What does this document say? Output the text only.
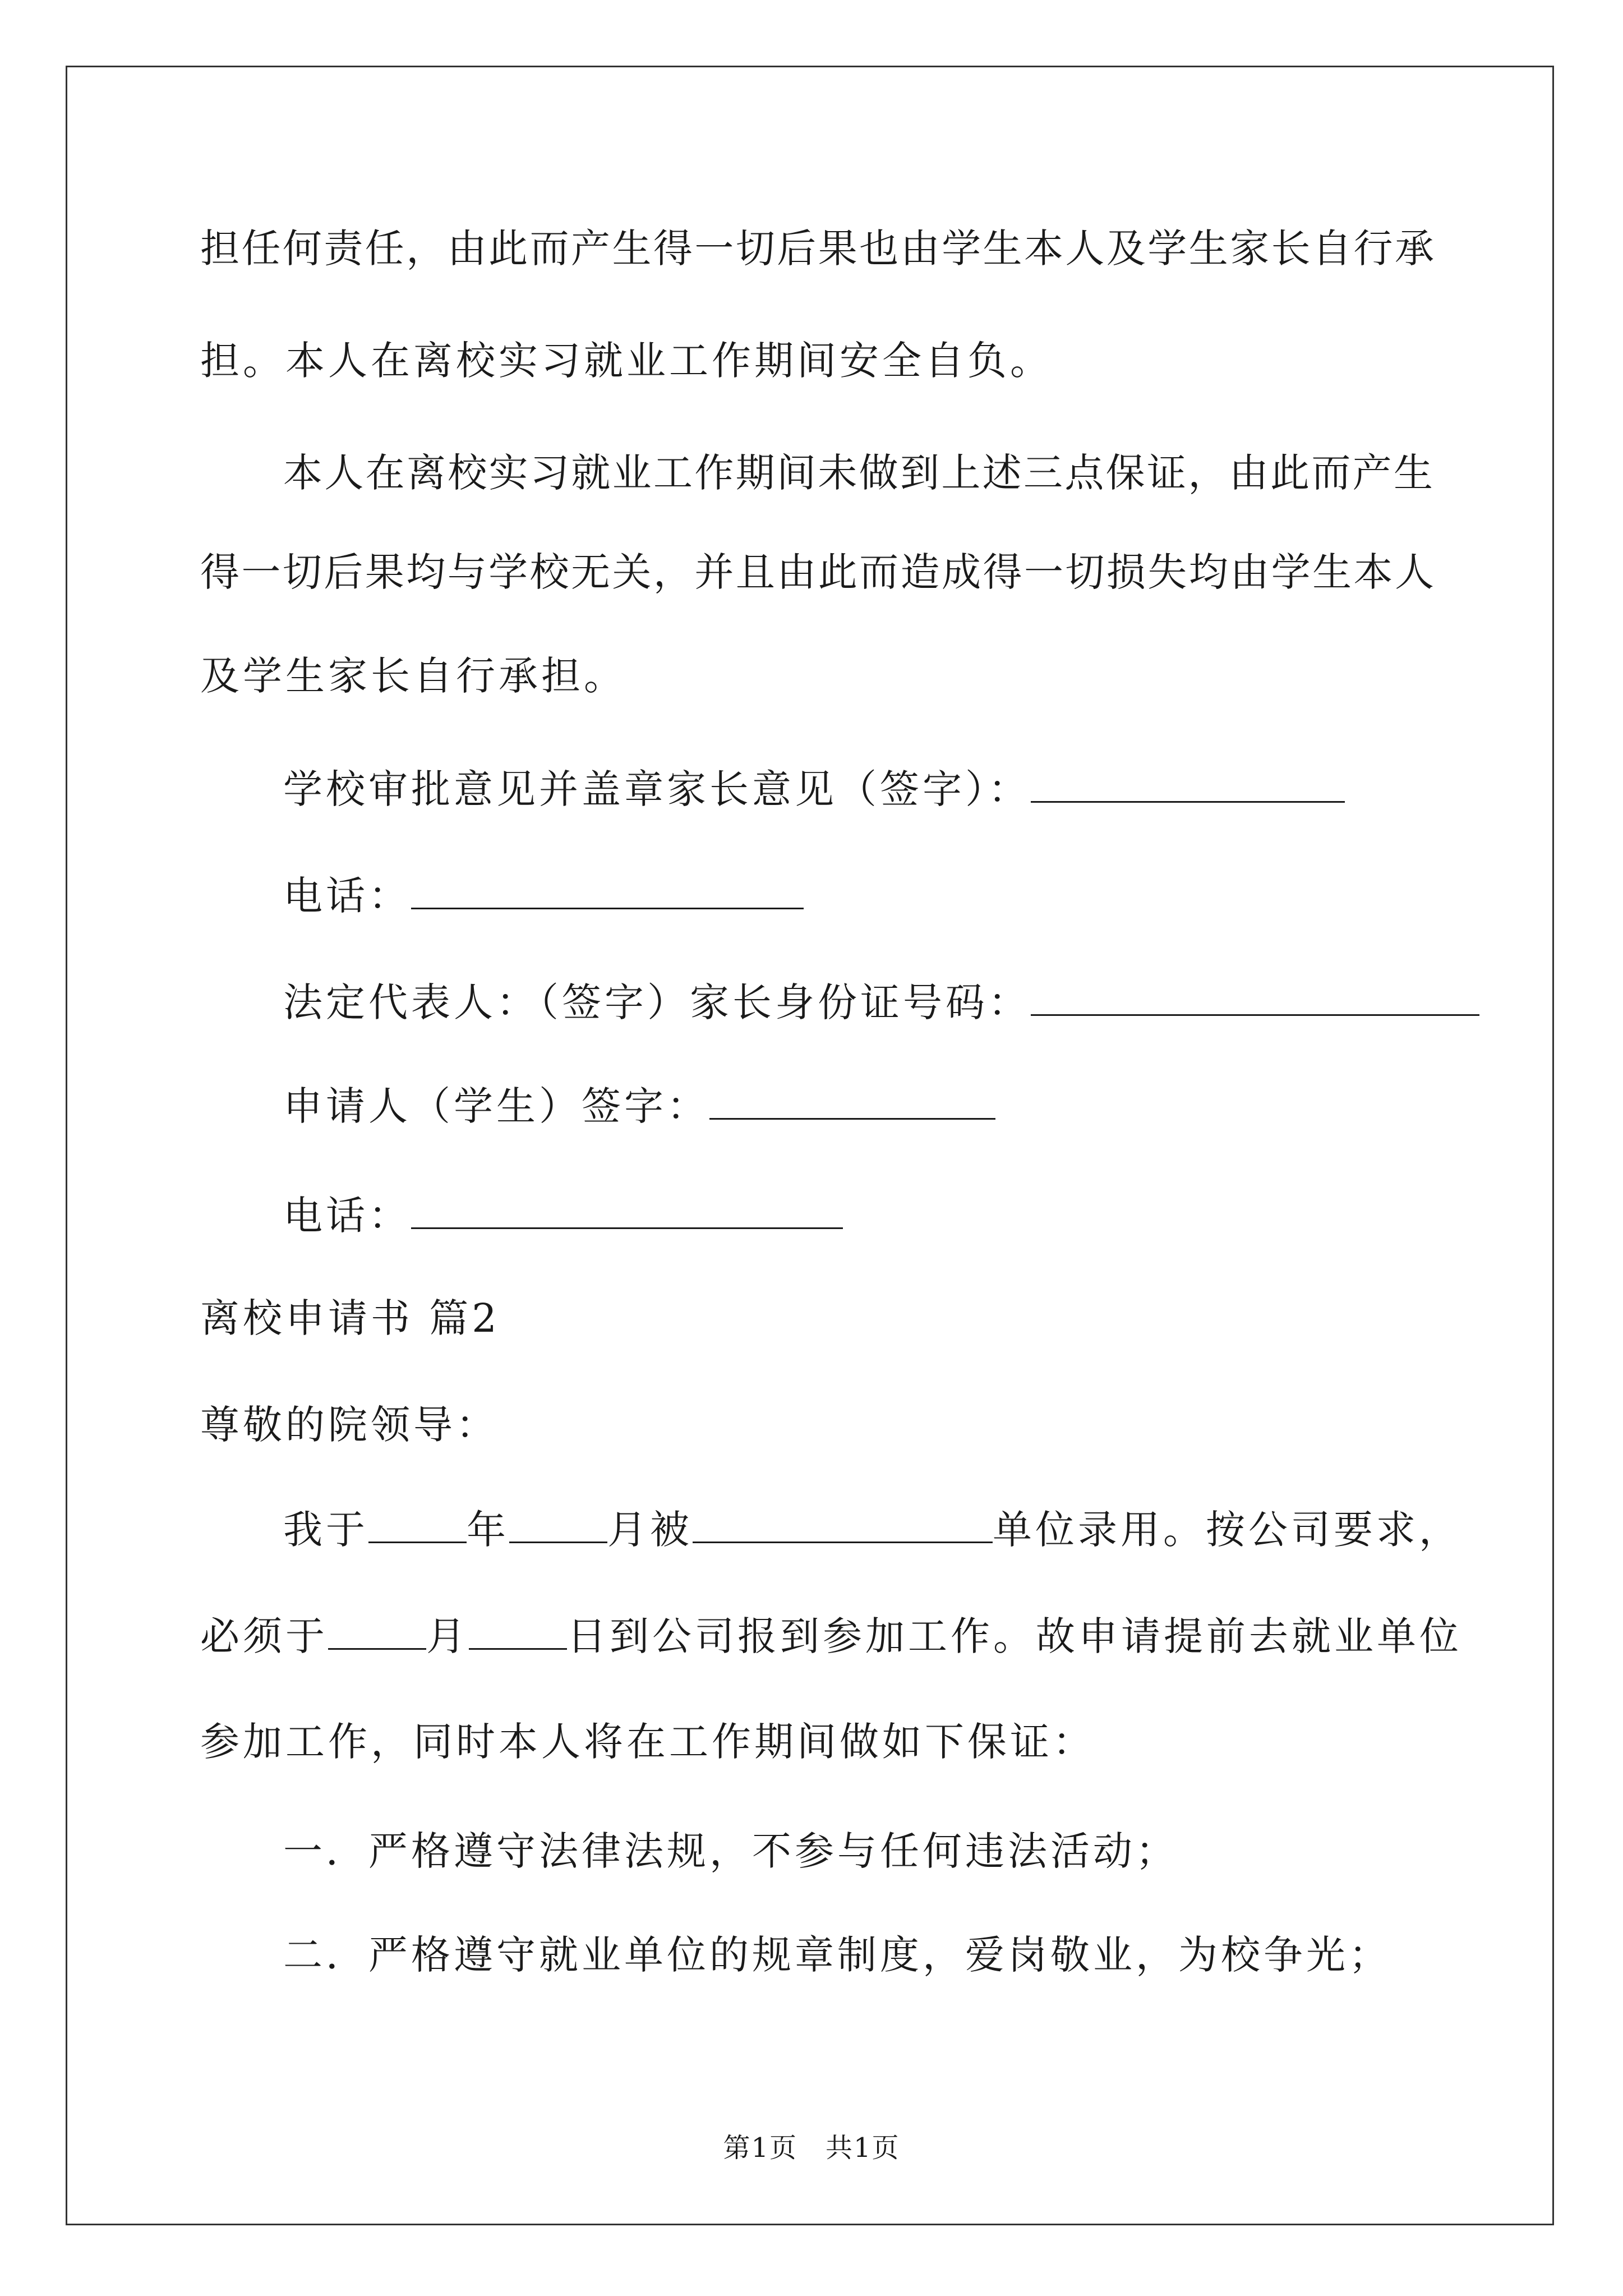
担任何责任，由此而产生得一切后果也由学生本人及学生家长自行承
担。本人在离校实习就业工作期间安全自负。
本人在离校实习就业工作期间未做到上述三点保证，由此而产生
得一切后果均与学校无关，并且由此而造成得一切损失均由学生本人
及学生家长自行承担。
学校审批意见并盖章家长意见（签字）：
电话：
法定代表人：（签字）家长身份证号码：
申请人（学生）签字：
电话：
离校申请书 篇2
尊敬的院领导：
我于	年	月被	单位录用。按公司要求，
必须于	月	日到公司报到参加工作。故申请提前去就业单位
参加工作，同时本人将在工作期间做如下保证：
一．严格遵守法律法规，不参与任何违法活动；
二．严格遵守就业单位的规章制度，爱岗敬业，为校争光；
第1页　共1页
